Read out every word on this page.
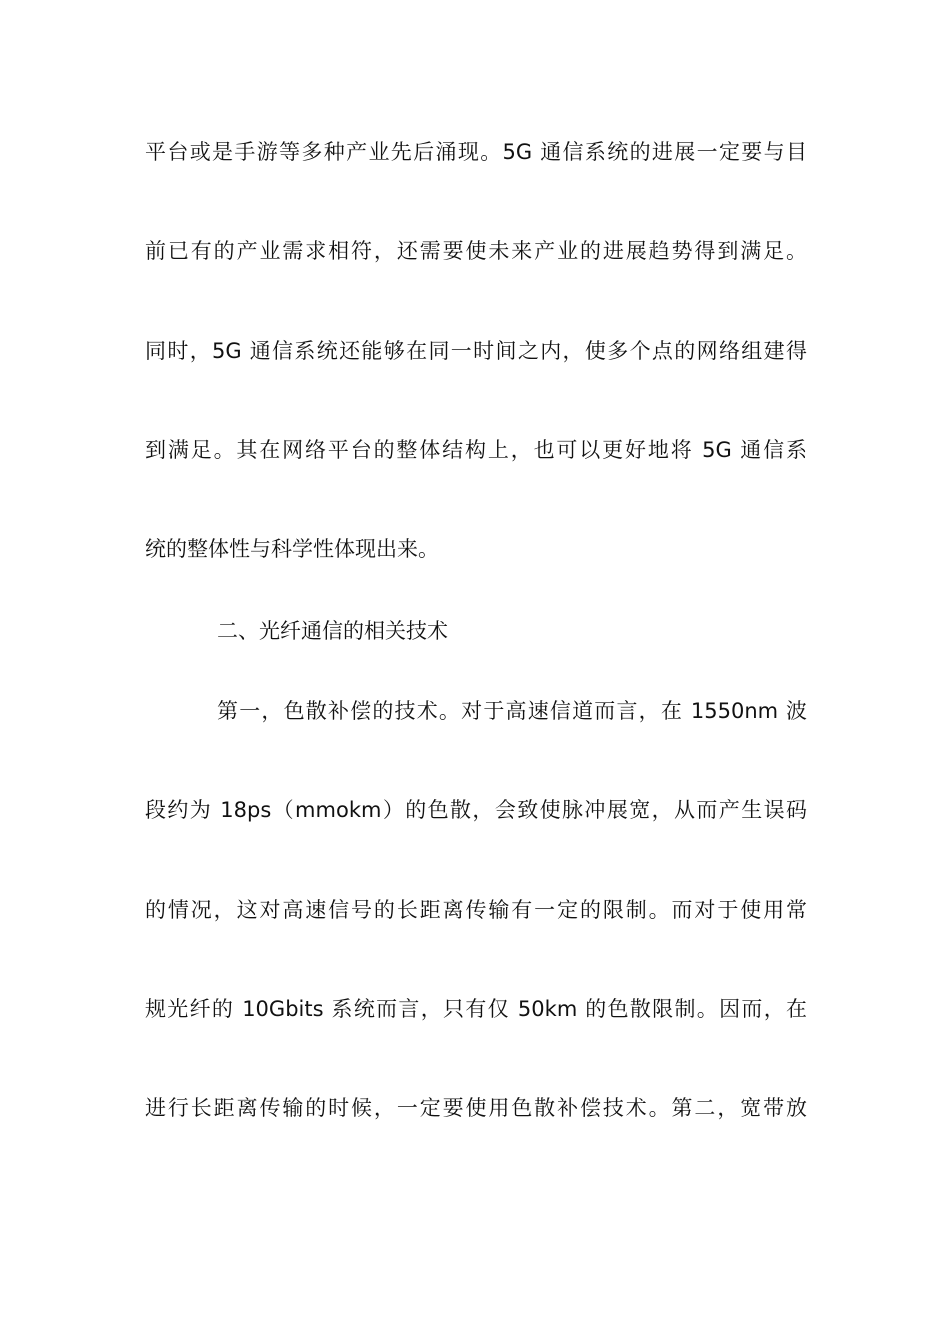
平台或是手游等多种产业先后涌现。5G 通信系统的进展一定要与目
前已有的产业需求相符，还需要使未来产业的进展趋势得到满足。
同时，5G 通信系统还能够在同一时间之内，使多个点的网络组建得
到满足。其在网络平台的整体结构上，也可以更好地将 5G 通信系
统的整体性与科学性体现出来。
二、光纤通信的相关技术
第一，色散补偿的技术。对于高速信道而言，在 1550nm 波
段约为 18ps（mmokm）的色散，会致使脉冲展宽，从而产生误码
的情况，这对高速信号的长距离传输有一定的限制。而对于使用常
规光纤的 10Gbits 系统而言，只有仅 50km 的色散限制。因而，在
进行长距离传输的时候，一定要使用色散补偿技术。第二，宽带放
